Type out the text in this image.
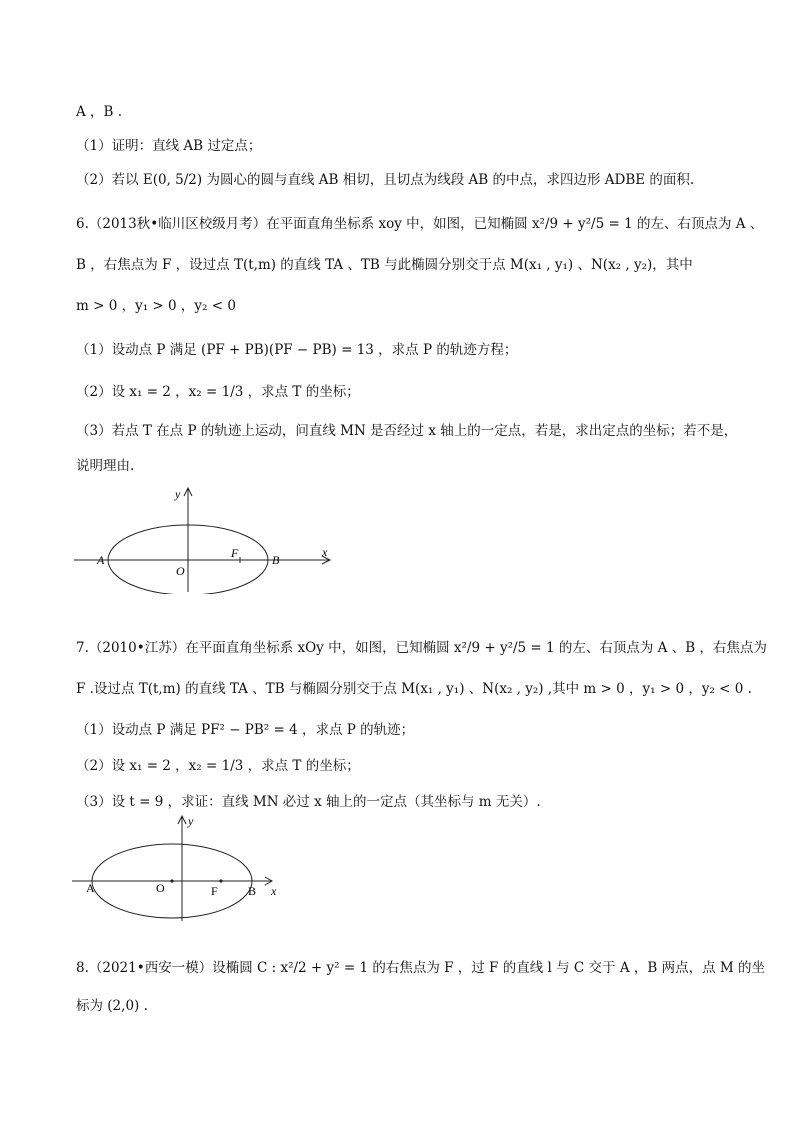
A ，B .
（1）证明：直线 AB 过定点；
（2）若以 E(0, 5/2) 为圆心的圆与直线 AB 相切，且切点为线段 AB 的中点，求四边形 ADBE 的面积.
6.（2013秋•临川区校级月考）在平面直角坐标系 xoy 中，如图，已知椭圆 x²/9 + y²/5 = 1 的左、右顶点为 A 、
B ，右焦点为 F ，设过点 T(t,m) 的直线 TA 、TB 与此椭圆分别交于点 M(x₁ , y₁) 、N(x₂ , y₂)，其中
m > 0 ，y₁ > 0 ，y₂ < 0
（1）设动点 P 满足 (PF + PB)(PF − PB) = 13 ，求点 P 的轨迹方程；
（2）设 x₁ = 2 ，x₂ = 1/3 ，求点 T 的坐标；
（3）若点 T 在点 P 的轨迹上运动，问直线 MN 是否经过 x 轴上的一定点，若是，求出定点的坐标；若不是，
说明理由.
A	B
F
O
x
y
7.（2010•江苏）在平面直角坐标系 xOy 中，如图，已知椭圆 x²/9 + y²/5 = 1 的左、右顶点为 A 、B ，右焦点为
F .设过点 T(t,m) 的直线 TA 、TB 与椭圆分别交于点 M(x₁ , y₁) 、N(x₂ , y₂) ,其中 m > 0 ，y₁ > 0 ，y₂ < 0 .
（1）设动点 P 满足 PF² − PB² = 4 ，求点 P 的轨迹；
（2）设 x₁ = 2 ，x₂ = 1/3 ，求点 T 的坐标；
（3）设 t = 9 ，求证：直线 MN 必过 x 轴上的一定点（其坐标与 m 无关）.
A	B
F
O	x
y
8.（2021•西安一模）设椭圆 C : x²/2 + y² = 1 的右焦点为 F ，过 F 的直线 l 与 C 交于 A ，B 两点，点 M 的坐
标为 (2,0) .
